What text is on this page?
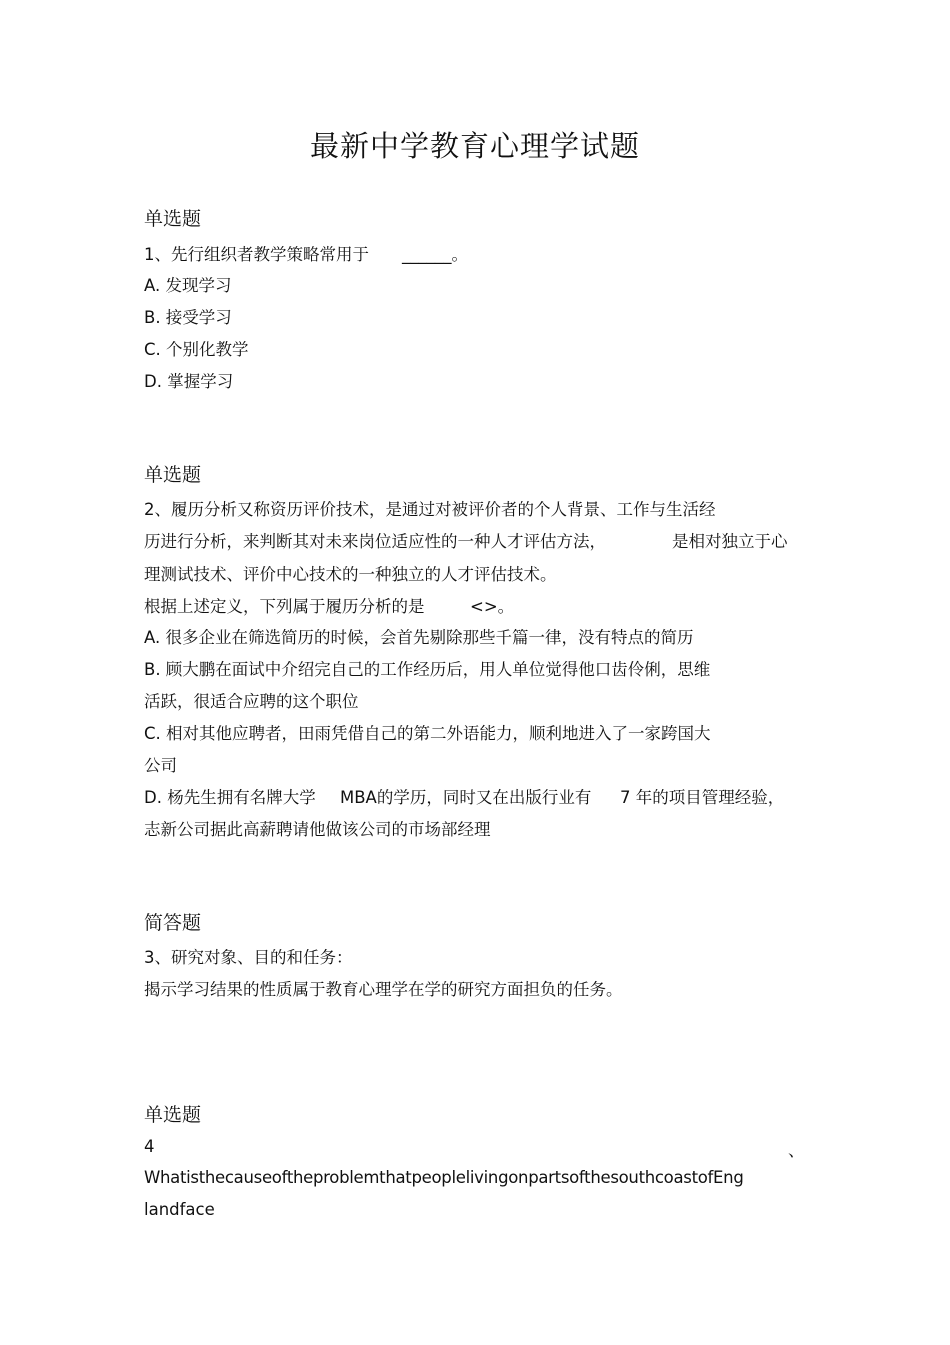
最新中学教育心理学试题
单选题
1、先行组织者教学策略常用于 ______。
A. 发现学习
B. 接受学习
C. 个别化教学
D. 掌握学习
单选题
2、履历分析又称资历评价技术，是通过对被评价者的个人背景、工作与生活经
历进行分析，来判断其对未来岗位适应性的一种人才评估方法，	是相对独立于心
理测试技术、评价中心技术的一种独立的人才评估技术。
根据上述定义，下列属于履历分析的是	<>。
A. 很多企业在筛选简历的时候，会首先剔除那些千篇一律，没有特点的简历
B. 顾大鹏在面试中介绍完自己的工作经历后，用人单位觉得他口齿伶俐，思维
活跃，很适合应聘的这个职位
C. 相对其他应聘者，田雨凭借自己的第二外语能力，顺利地进入了一家跨国大
公司
D. 杨先生拥有名牌大学 MBA的学历，同时又在出版行业有 7 年的项目管理经验，
志新公司据此高薪聘请他做该公司的市场部经理
简答题
3、研究对象、目的和任务：
揭示学习结果的性质属于教育心理学在学的研究方面担负的任务。
单选题
4	、
WhatisthecauseoftheproblemthatpeoplelivingonpartsofthesouthcoastofEng
landface
